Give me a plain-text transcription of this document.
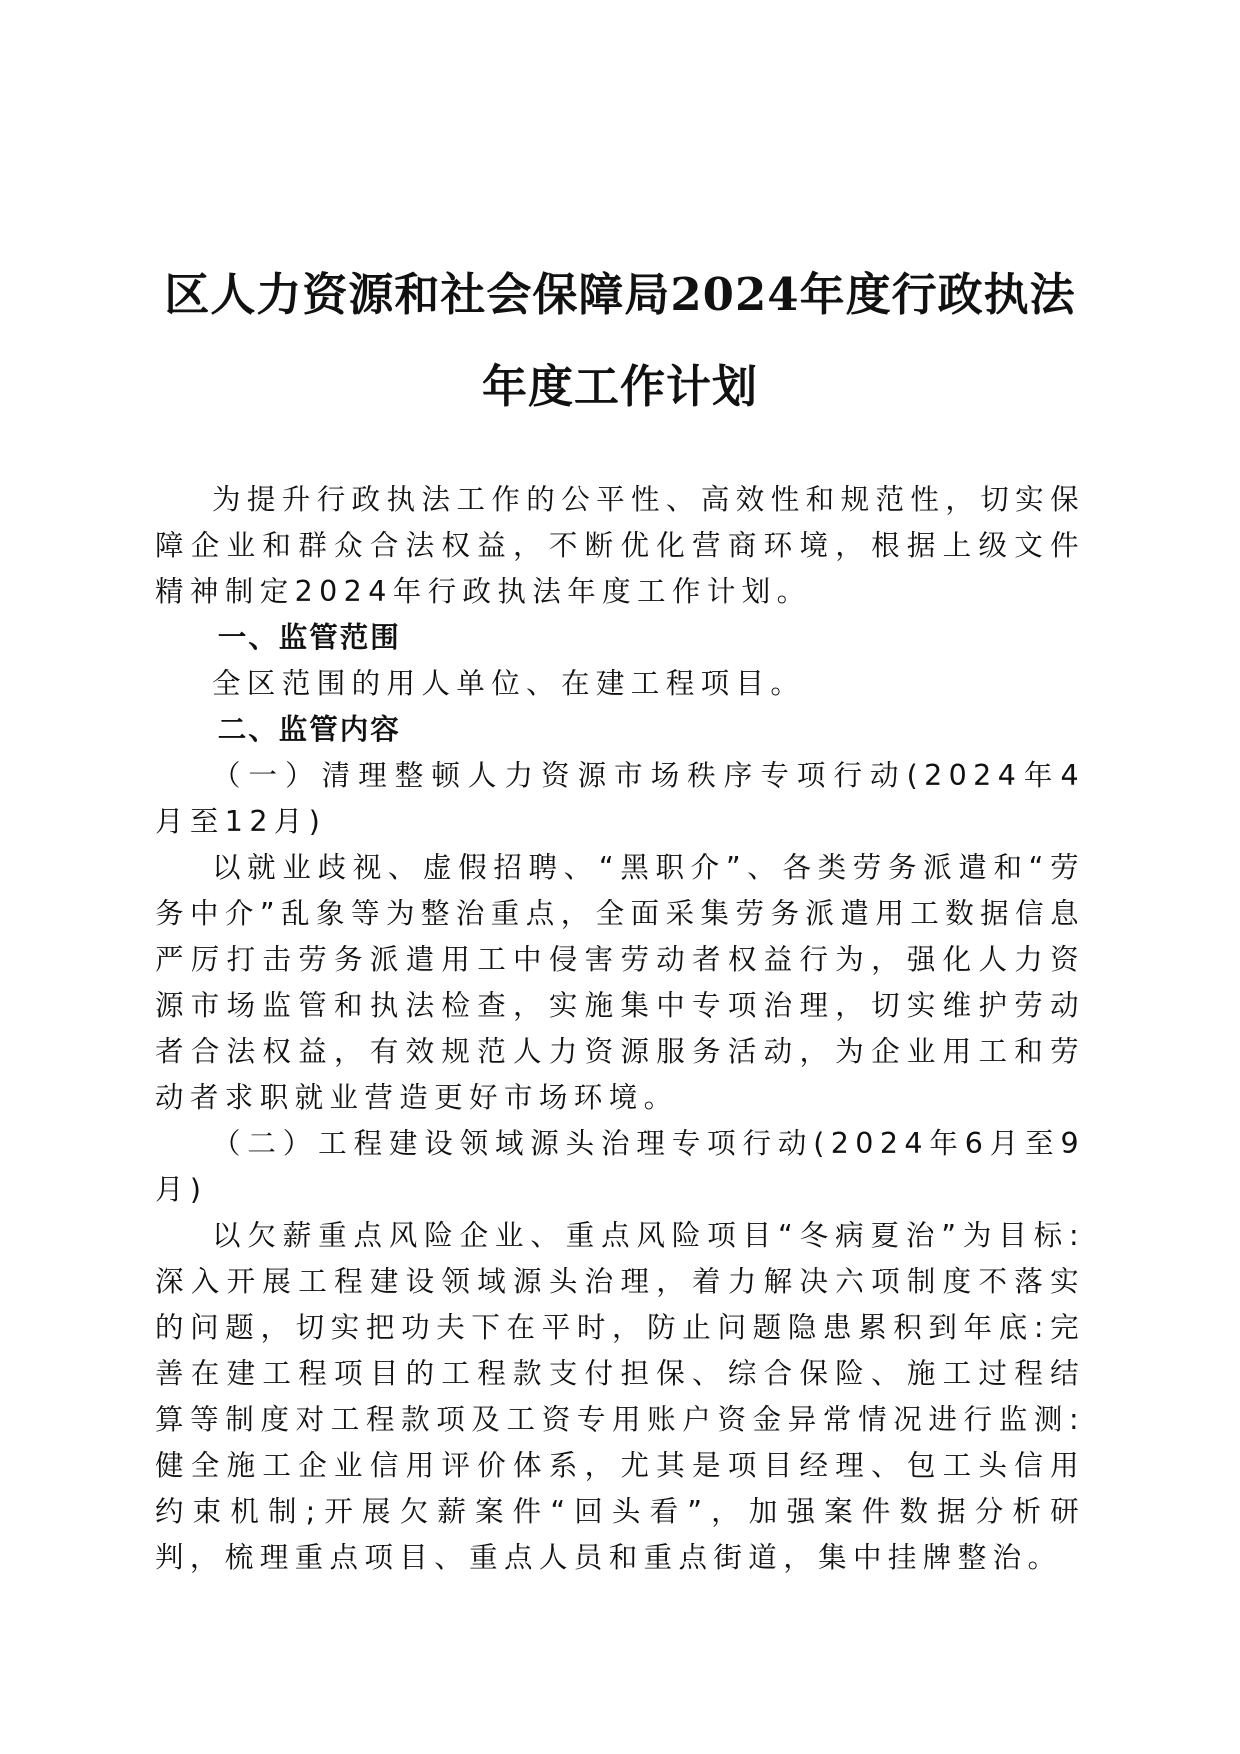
区人力资源和社会保障局2024年度行政执法
年度工作计划

为提升行政执法工作的公平性、高效性和规范性，切实保障企业和群众合法权益，不断优化营商环境，根据上级文件精神制定2024年行政执法年度工作计划。

一、监管范围

全区范围的用人单位、在建工程项目。

二、监管内容

（一）清理整顿人力资源市场秩序专项行动(2024年4月至12月)

以就业歧视、虚假招聘、“黑职介”、各类劳务派遣和“劳务中介”乱象等为整治重点，全面采集劳务派遣用工数据信息严厉打击劳务派遣用工中侵害劳动者权益行为，强化人力资源市场监管和执法检查，实施集中专项治理，切实维护劳动者合法权益，有效规范人力资源服务活动，为企业用工和劳动者求职就业营造更好市场环境。

（二）工程建设领域源头治理专项行动(2024年6月至9月)

以欠薪重点风险企业、重点风险项目“冬病夏治”为目标:深入开展工程建设领域源头治理，着力解决六项制度不落实的问题，切实把功夫下在平时，防止问题隐患累积到年底:完善在建工程项目的工程款支付担保、综合保险、施工过程结算等制度对工程款项及工资专用账户资金异常情况进行监测:健全施工企业信用评价体系，尤其是项目经理、包工头信用约束机制;开展欠薪案件“回头看”，加强案件数据分析研判，梳理重点项目、重点人员和重点街道，集中挂牌整治。
